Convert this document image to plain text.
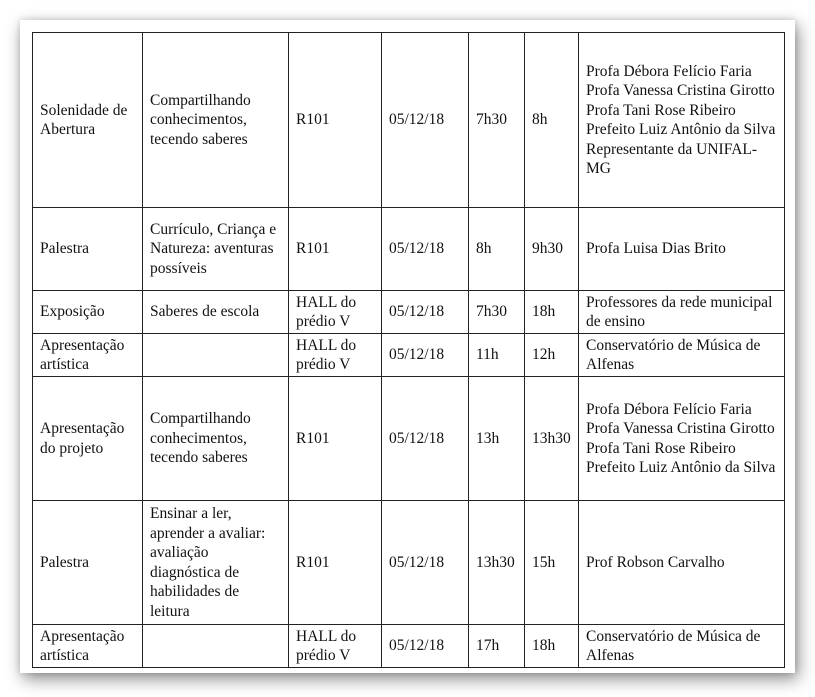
Solenidade de Abertura	Compartilhando conhecimentos, tecendo saberes	R101	05/12/18	7h30	8h	Profa Débora Felício Faria
Profa Vanessa Cristina Girotto
Profa Tani Rose Ribeiro
Prefeito Luiz Antônio da Silva
Representante da UNIFAL-MG
Palestra	Currículo, Criança e Natureza: aventuras possíveis	R101	05/12/18	8h	9h30	Profa Luisa Dias Brito
Exposição	Saberes de escola	HALL do prédio V	05/12/18	7h30	18h	Professores da rede municipal de ensino
Apresentação artística		HALL do prédio V	05/12/18	11h	12h	Conservatório de Música de Alfenas
Apresentação do projeto	Compartilhando conhecimentos, tecendo saberes	R101	05/12/18	13h	13h30	Profa Débora Felício Faria
Profa Vanessa Cristina Girotto
Profa Tani Rose Ribeiro
Prefeito Luiz Antônio da Silva
Palestra	Ensinar a ler, aprender a avaliar: avaliação diagnóstica de habilidades de leitura	R101	05/12/18	13h30	15h	Prof Robson Carvalho
Apresentação artística		HALL do prédio V	05/12/18	17h	18h	Conservatório de Música de Alfenas
